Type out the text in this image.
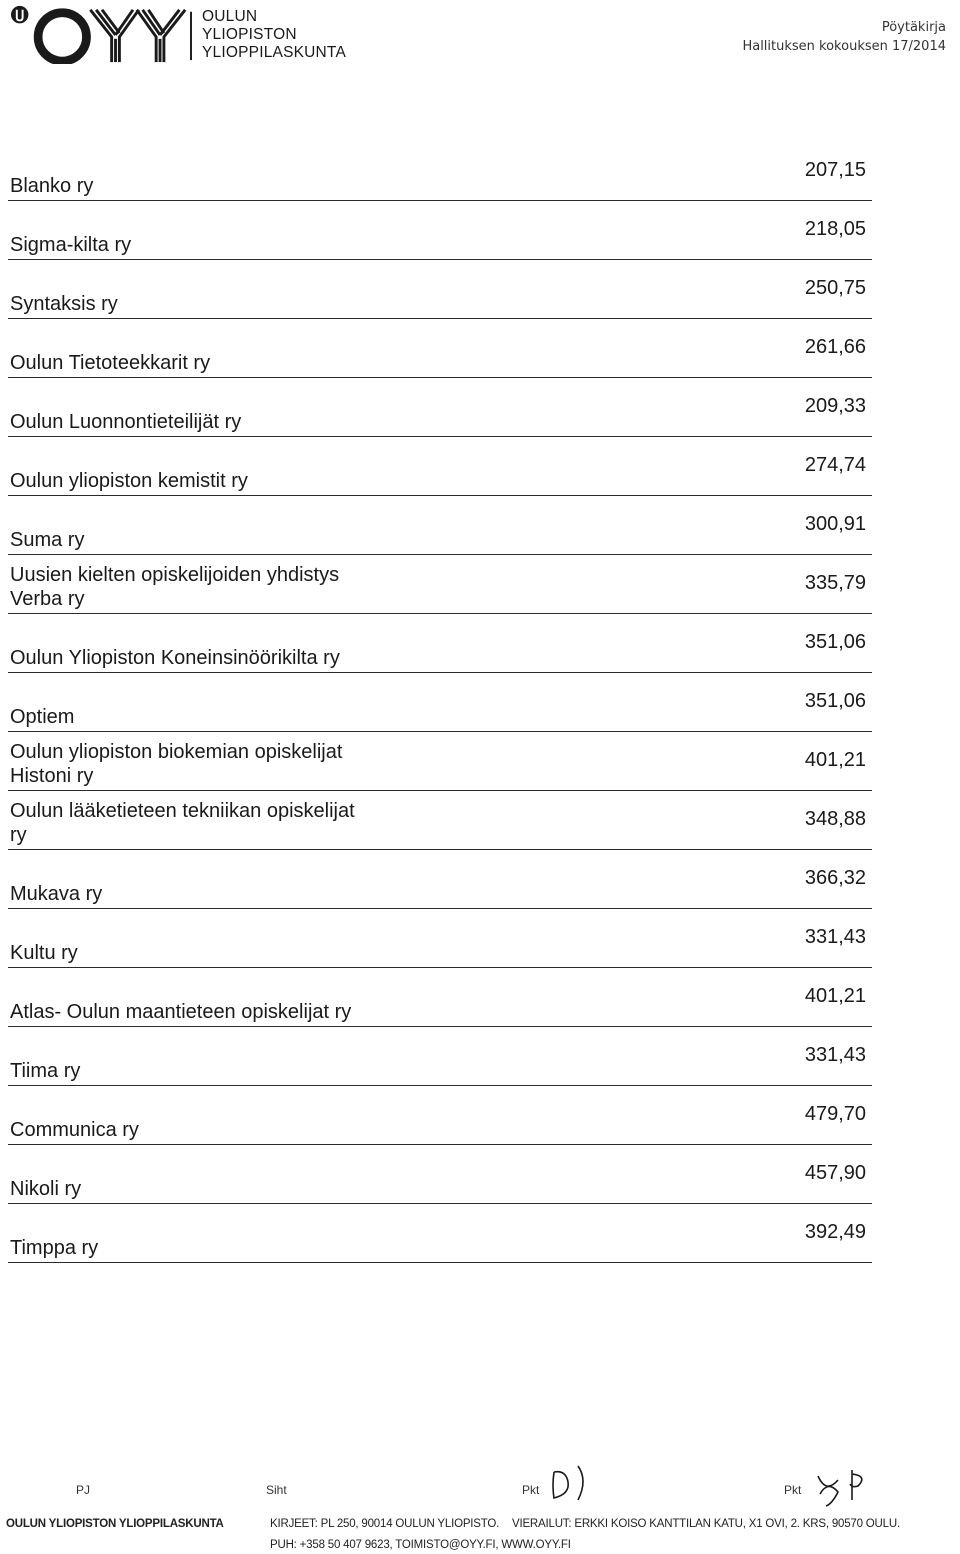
OULUN
YLIOPISTON
YLIOPPILASKUNTA
Pöytäkirja
Hallituksen kokouksen 17/2014
Blanko ry	207,15
Sigma-kilta ry	218,05
Syntaksis ry	250,75
Oulun Tietoteekkarit ry	261,66
Oulun Luonnontieteilijät ry	209,33
Oulun yliopiston kemistit ry	274,74
Suma ry	300,91
Uusien kielten opiskelijoiden yhdistys
Verba ry	335,79
Oulun Yliopiston Koneinsinöörikilta ry	351,06
Optiem	351,06
Oulun yliopiston biokemian opiskelijat
Histoni ry	401,21
Oulun lääketieteen tekniikan opiskelijat
ry	348,88
Mukava ry	366,32
Kultu ry	331,43
Atlas- Oulun maantieteen opiskelijat ry	401,21
Tiima ry	331,43
Communica ry	479,70
Nikoli ry	457,90
Timppa ry	392,49
PJ	Siht	Pkt	Pkt
OULUN YLIOPISTON YLIOPPILASKUNTA	KIRJEET: PL 250, 90014 OULUN YLIOPISTO. VIERAILUT: ERKKI KOISO KANTTILAN KATU, X1 OVI, 2. KRS, 90570 OULU.
PUH: +358 50 407 9623, TOIMISTO@OYY.FI, WWW.OYY.FI
